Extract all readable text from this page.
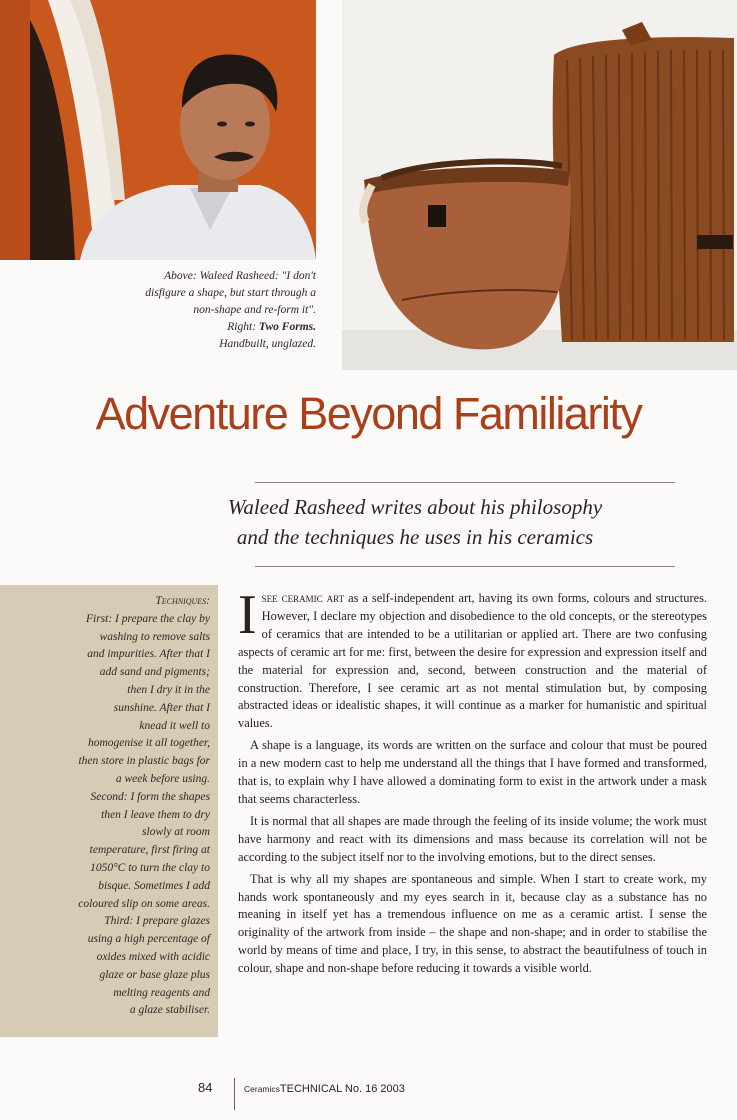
Above: Waleed Rasheed: "I don't
disfigure a shape, but start through a
non-shape and re-form it".
Right: Two Forms.
Handbuilt, unglazed.
Adventure Beyond Familiarity
Waleed Rasheed writes about his philosophy
and the techniques he uses in his ceramics
Techniques:
First: I prepare the clay by
washing to remove salts
and impurities. After that I
add sand and pigments;
then I dry it in the
sunshine. After that I
knead it well to
homogenise it all together,
then store in plastic bags for
a week before using.
Second: I form the shapes
then I leave them to dry
slowly at room
temperature, first firing at
1050°C to turn the clay to
bisque. Sometimes I add
coloured slip on some areas.
Third: I prepare glazes
using a high percentage of
oxides mixed with acidic
glaze or base glaze plus
melting reagents and
a glaze stabiliser.

Isee ceramic art as a self-independent art, having its own forms, colours and structures. However, I declare my objection and disobedience to the old concepts, or the stereotypes of ceramics that are intended to be a utilitarian or applied art. There are two confusing aspects of ceramic art for me: first, between the desire for expression and expression itself and the material for expression and, second, between construction and the material of construction. Therefore, I see ceramic art as not mental stimulation but, by composing abstracted ideas or idealistic shapes, it will continue as a marker for humanistic and spiritual values.

A shape is a language, its words are written on the surface and colour that must be poured in a new modern cast to help me understand all the things that I have formed and transformed, that is, to explain why I have allowed a dominating form to exist in the artwork under a mask that seems characterless.

It is normal that all shapes are made through the feeling of its inside volume; the work must have harmony and react with its dimensions and mass because its correlation will not be according to the subject itself nor to the involving emotions, but to the direct senses.

That is why all my shapes are spontaneous and simple. When I start to create work, my hands work spontaneously and my eyes search in it, because clay as a substance has no meaning in itself yet has a tremendous influence on me as a ceramic artist. I sense the originality of the artwork from inside – the shape and non-shape; and in order to stabilise the world by means of time and place, I try, in this sense, to abstract the beautifulness of touch in colour, shape and non-shape before reducing it towards a visible world.

84	CeramicsTECHNICAL No. 16 2003
